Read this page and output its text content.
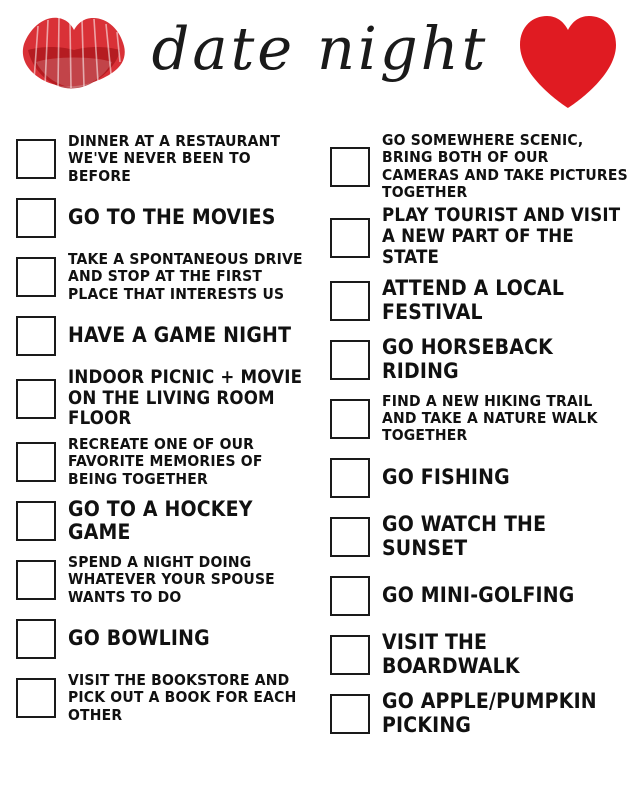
date night
DINNER AT A RESTAURANT WE'VE NEVER BEEN TO BEFORE
GO TO THE MOVIES
TAKE A SPONTANEOUS DRIVE AND STOP AT THE FIRST PLACE THAT INTERESTS US
HAVE A GAME NIGHT
INDOOR PICNIC + MOVIE ON THE LIVING ROOM FLOOR
RECREATE ONE OF OUR FAVORITE MEMORIES OF BEING TOGETHER
GO TO A HOCKEY GAME
SPEND A NIGHT DOING WHATEVER YOUR SPOUSE WANTS TO DO
GO BOWLING
VISIT THE BOOKSTORE AND PICK OUT A BOOK FOR EACH OTHER
GO SOMEWHERE SCENIC, BRING BOTH OF OUR CAMERAS AND TAKE PICTURES TOGETHER
PLAY TOURIST AND VISIT A NEW PART OF THE STATE
ATTEND A LOCAL FESTIVAL
GO HORSEBACK RIDING
FIND A NEW HIKING TRAIL AND TAKE A NATURE WALK TOGETHER
GO FISHING
GO WATCH THE SUNSET
GO MINI-GOLFING
VISIT THE BOARDWALK
GO APPLE/PUMPKIN PICKING
